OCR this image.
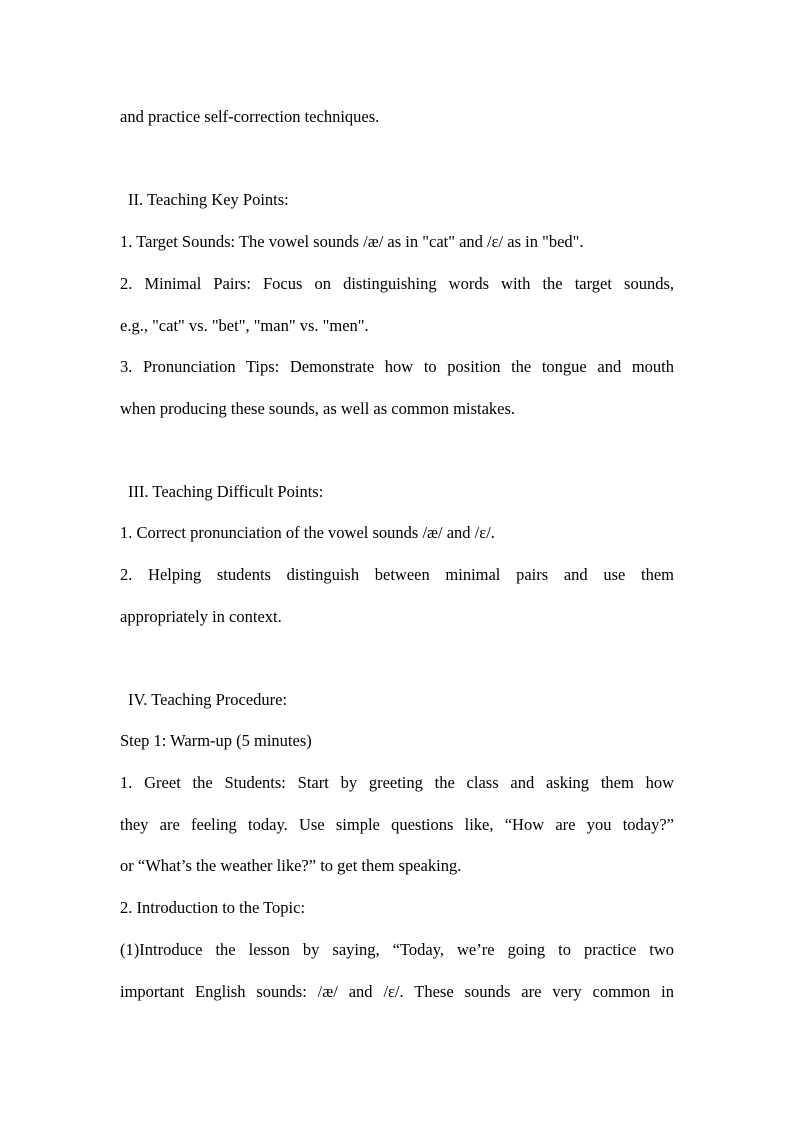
and practice self-correction techniques.
II. Teaching Key Points:
1. Target Sounds: The vowel sounds /æ/ as in "cat" and /ɛ/ as in "bed".
2. Minimal Pairs: Focus on distinguishing words with the target sounds,
e.g., "cat" vs. "bet", "man" vs. "men".
3. Pronunciation Tips: Demonstrate how to position the tongue and mouth
when producing these sounds, as well as common mistakes.
III. Teaching Difficult Points:
1. Correct pronunciation of the vowel sounds /æ/ and /ɛ/.
2. Helping students distinguish between minimal pairs and use them
appropriately in context.
IV. Teaching Procedure:
Step 1: Warm-up (5 minutes)
1. Greet the Students: Start by greeting the class and asking them how
they are feeling today. Use simple questions like, “How are you today?”
or “What’s the weather like?” to get them speaking.
2. Introduction to the Topic:
(1)Introduce the lesson by saying, “Today, we’re going to practice two
important English sounds: /æ/ and /ɛ/. These sounds are very common in
